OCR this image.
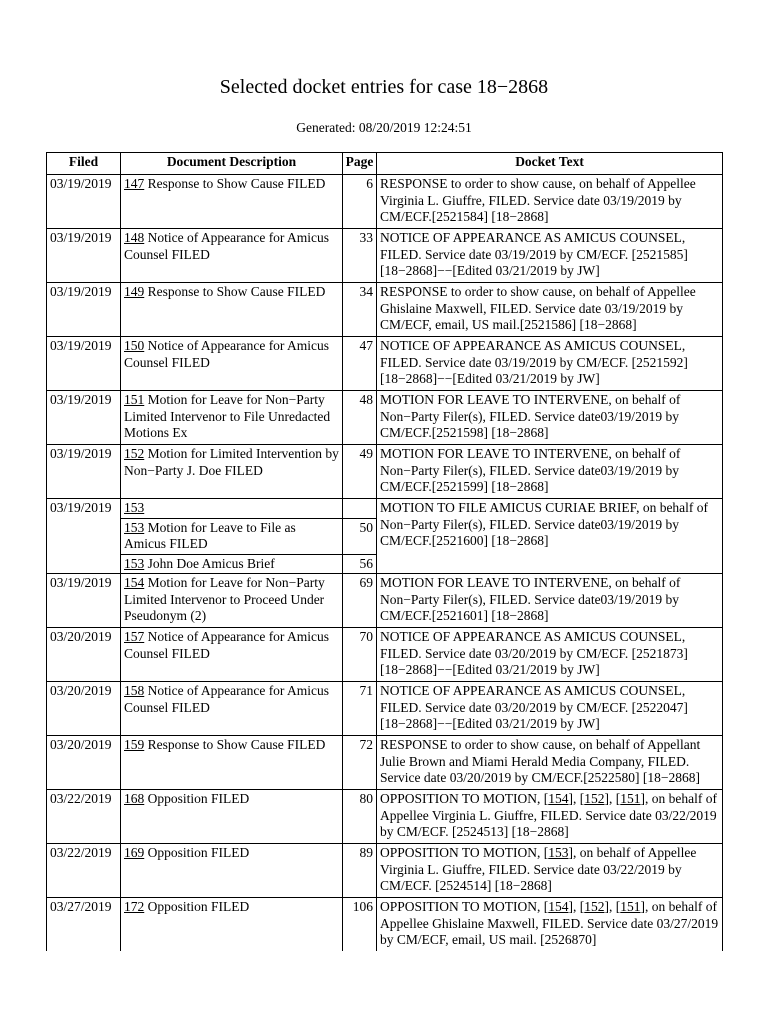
Selected docket entries for case 18−2868
Generated: 08/20/2019 12:24:51
Filed	Document Description	Page	Docket Text
03/19/2019	147 Response to Show Cause FILED	6	RESPONSE to order to show cause, on behalf of Appellee Virginia L. Giuffre, FILED. Service date 03/19/2019 by CM/ECF.[2521584] [18−2868]
03/19/2019	148 Notice of Appearance for Amicus Counsel FILED	33	NOTICE OF APPEARANCE AS AMICUS COUNSEL, FILED. Service date 03/19/2019 by CM/ECF. [2521585] [18−2868]−−[Edited 03/21/2019 by JW]
03/19/2019	149 Response to Show Cause FILED	34	RESPONSE to order to show cause, on behalf of Appellee Ghislaine Maxwell, FILED. Service date 03/19/2019 by CM/ECF, email, US mail.[2521586] [18−2868]
03/19/2019	150 Notice of Appearance for Amicus Counsel FILED	47	NOTICE OF APPEARANCE AS AMICUS COUNSEL, FILED. Service date 03/19/2019 by CM/ECF. [2521592] [18−2868]−−[Edited 03/21/2019 by JW]
03/19/2019	151 Motion for Leave for Non−Party Limited Intervenor to File Unredacted Motions Ex	48	MOTION FOR LEAVE TO INTERVENE, on behalf of Non−Party Filer(s), FILED. Service date03/19/2019 by CM/ECF.[2521598] [18−2868]
03/19/2019	152 Motion for Limited Intervention by Non−Party J. Doe FILED	49	MOTION FOR LEAVE TO INTERVENE, on behalf of Non−Party Filer(s), FILED. Service date03/19/2019 by CM/ECF.[2521599] [18−2868]
03/19/2019	153		MOTION TO FILE AMICUS CURIAE BRIEF, on behalf of Non−Party Filer(s), FILED. Service date03/19/2019 by CM/ECF.[2521600] [18−2868]
	153 Motion for Leave to File as Amicus FILED	50	
	153 John Doe Amicus Brief	56	
03/19/2019	154 Motion for Leave for Non−Party Limited Intervenor to Proceed Under Pseudonym (2)	69	MOTION FOR LEAVE TO INTERVENE, on behalf of Non−Party Filer(s), FILED. Service date03/19/2019 by CM/ECF.[2521601] [18−2868]
03/20/2019	157 Notice of Appearance for Amicus Counsel FILED	70	NOTICE OF APPEARANCE AS AMICUS COUNSEL, FILED. Service date 03/20/2019 by CM/ECF. [2521873] [18−2868]−−[Edited 03/21/2019 by JW]
03/20/2019	158 Notice of Appearance for Amicus Counsel FILED	71	NOTICE OF APPEARANCE AS AMICUS COUNSEL, FILED. Service date 03/20/2019 by CM/ECF. [2522047] [18−2868]−−[Edited 03/21/2019 by JW]
03/20/2019	159 Response to Show Cause FILED	72	RESPONSE to order to show cause, on behalf of Appellant Julie Brown and Miami Herald Media Company, FILED. Service date 03/20/2019 by CM/ECF.[2522580] [18−2868]
03/22/2019	168 Opposition FILED	80	OPPOSITION TO MOTION, [154], [152], [151], on behalf of Appellee Virginia L. Giuffre, FILED. Service date 03/22/2019 by CM/ECF. [2524513] [18−2868]
03/22/2019	169 Opposition FILED	89	OPPOSITION TO MOTION, [153], on behalf of Appellee Virginia L. Giuffre, FILED. Service date 03/22/2019 by CM/ECF. [2524514] [18−2868]
03/27/2019	172 Opposition FILED	106	OPPOSITION TO MOTION, [154], [152], [151], on behalf of Appellee Ghislaine Maxwell, FILED. Service date 03/27/2019 by CM/ECF, email, US mail. [2526870]
